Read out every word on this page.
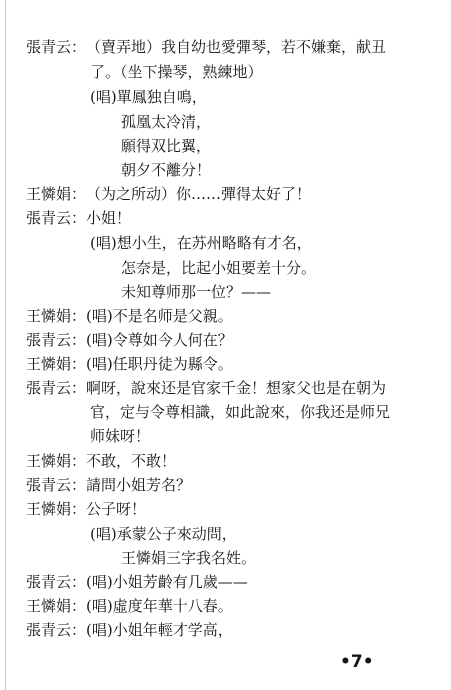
張青云：（賣弄地）我自幼也愛彈琴，若不嫌棄，献丑
了。（坐下操琴，熟練地）
(唱)單鳳独自鳴，
孤凰太冷清，
願得双比翼，
朝夕不離分！
王憐娟：（为之所动）你……彈得太好了！
張青云：小姐！
(唱)想小生，在苏州略略有才名，
怎奈是，比起小姐要差十分。
未知尊师那一位？——
王憐娟：(唱)不是名师是父親。
張青云：(唱)令尊如今人何在？
王憐娟：(唱)任职丹徒为縣令。
張青云：啊呀，說來还是官家千金！想家父也是在朝为
官，定与令尊相識，如此說來，你我还是师兄
师妹呀！
王憐娟：不敢，不敢！
張青云：請問小姐芳名？
王憐娟：公子呀！
(唱)承蒙公子來动問，
王憐娟三字我名姓。
張青云：(唱)小姐芳齡有几歲——
王憐娟：(唱)虛度年華十八春。
張青云：(唱)小姐年輕才学高，
•7•
